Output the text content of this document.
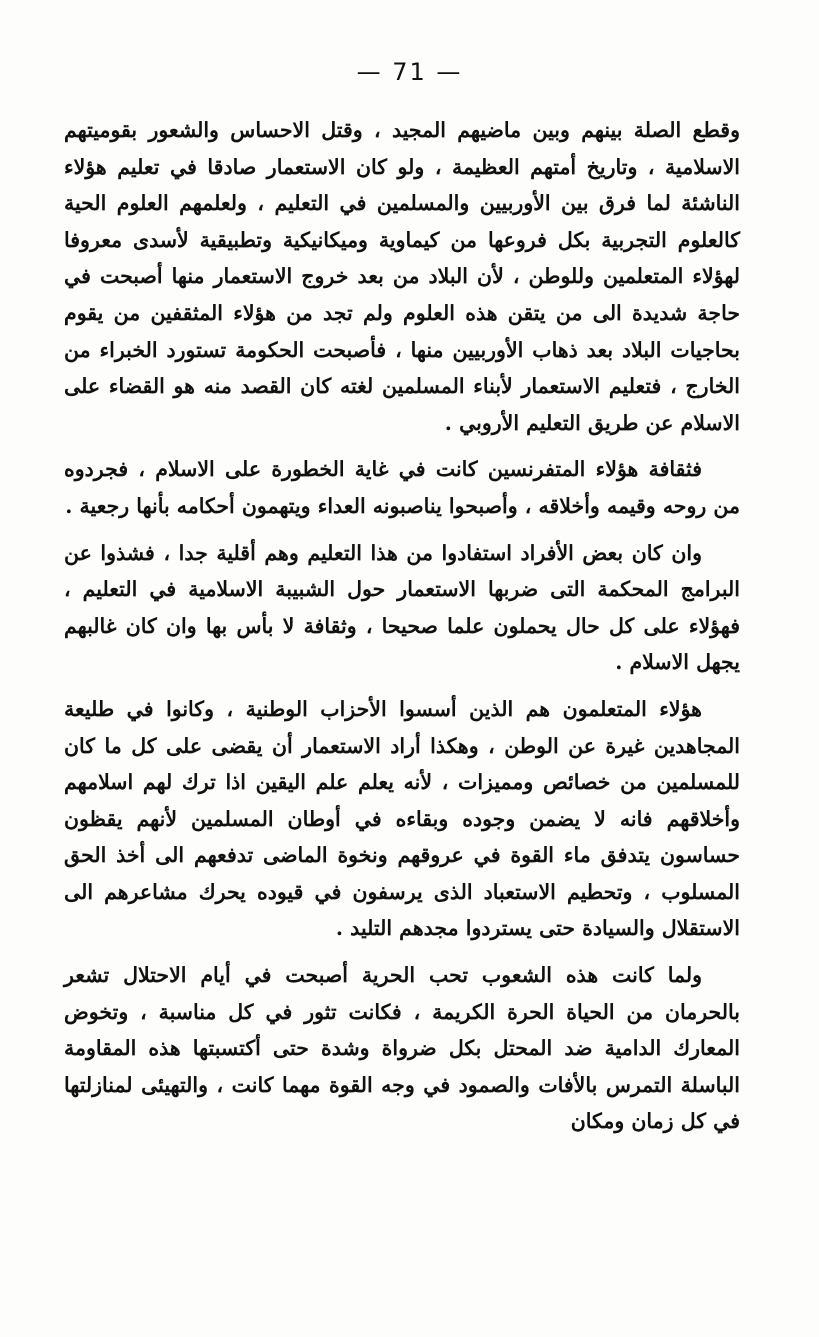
— 71 —

وقطع الصلة بينهم وبين ماضيهم المجيد ، وقتل الاحساس والشعور بقوميتهم الاسلامية ، وتاريخ أمتهم العظيمة ، ولو كان الاستعمار صادقا في تعليم هؤلاء الناشئة لما فرق بين الأوربيين والمسلمين في التعليم ، ولعلمهم العلوم الحية كالعلوم التجربية بكل فروعها من كيماوية وميكانيكية وتطبيقية لأسدى معروفا لهؤلاء المتعلمين وللوطن ، لأن البلاد من بعد خروج الاستعمار منها أصبحت في حاجة شديدة الى من يتقن هذه العلوم ولم تجد من هؤلاء المثقفين من يقوم بحاجيات البلاد بعد ذهاب الأوربيين منها ، فأصبحت الحكومة تستورد الخبراء من الخارج ، فتعليم الاستعمار لأبناء المسلمين لغته كان القصد منه هو القضاء على الاسلام عن طريق التعليم الأروبي .

فثقافة هؤلاء المتفرنسين كانت في غاية الخطورة على الاسلام ، فجردوه من روحه وقيمه وأخلاقه ، وأصبحوا يناصبونه العداء ويتهمون أحكامه بأنها رجعية .

وان كان بعض الأفراد استفادوا من هذا التعليم وهم أقلية جدا ، فشذوا عن البرامج المحكمة التى ضربها الاستعمار حول الشبيبة الاسلامية في التعليم ، فهؤلاء على كل حال يحملون علما صحيحا ، وثقافة لا بأس بها وان كان غالبهم يجهل الاسلام .

هؤلاء المتعلمون هم الذين أسسوا الأحزاب الوطنية ، وكانوا في طليعة المجاهدين غيرة عن الوطن ، وهكذا أراد الاستعمار أن يقضى على كل ما كان للمسلمين من خصائص ومميزات ، لأنه يعلم علم اليقين اذا ترك لهم اسلامهم وأخلاقهم فانه لا يضمن وجوده وبقاءه في أوطان المسلمين لأنهم يقظون حساسون يتدفق ماء القوة في عروقهم ونخوة الماضى تدفعهم الى أخذ الحق المسلوب ، وتحطيم الاستعباد الذى يرسفون في قيوده يحرك مشاعرهم الى الاستقلال والسيادة حتى يستردوا مجدهم التليد .

ولما كانت هذه الشعوب تحب الحرية أصبحت في أيام الاحتلال تشعر بالحرمان من الحياة الحرة الكريمة ، فكانت تثور في كل مناسبة ، وتخوض المعارك الدامية ضد المحتل بكل ضرواة وشدة حتى أكتسبتها هذه المقاومة الباسلة التمرس بالأفات والصمود في وجه القوة مهما كانت ، والتهيئى لمنازلتها في كل زمان ومكان
